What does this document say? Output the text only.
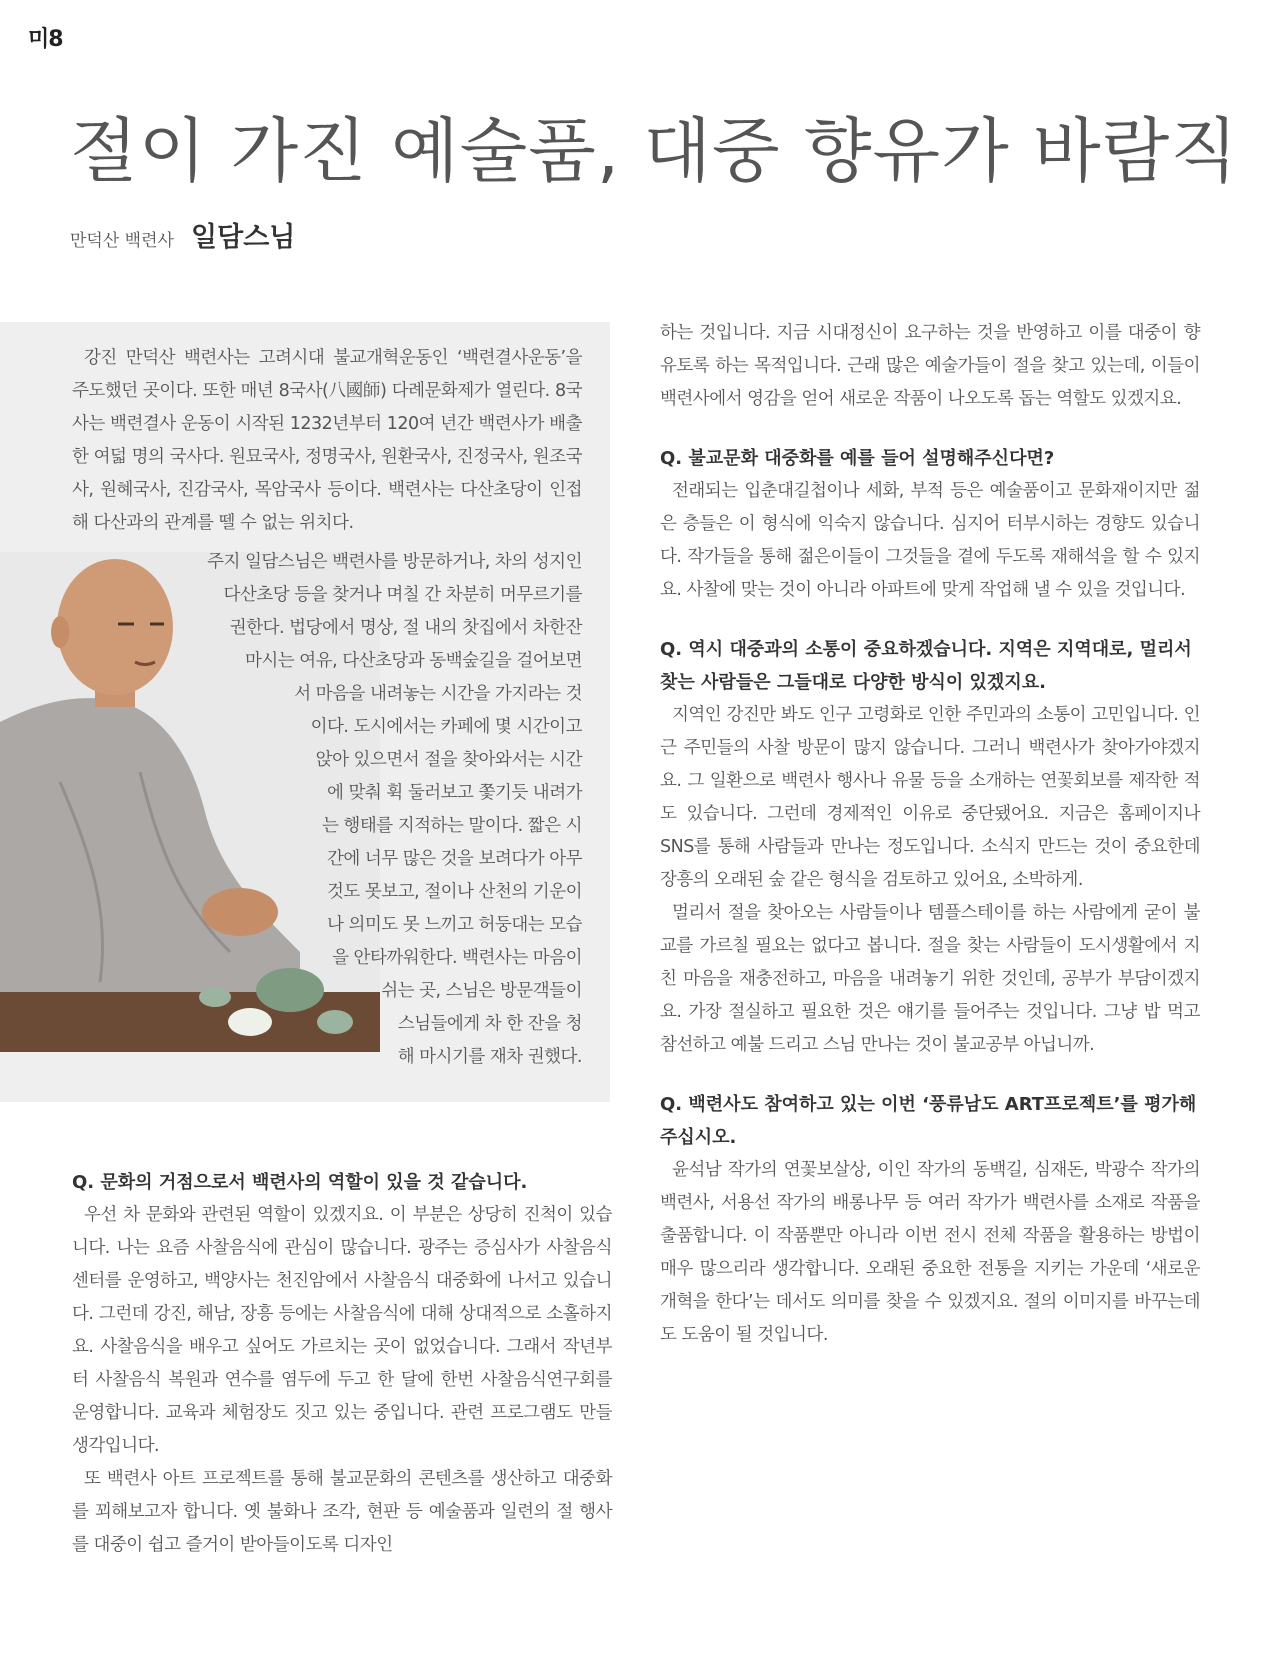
미8
절이 가진 예술품, 대중 향유가 바람직
만덕산 백련사 일담스님

강진 만덕산 백련사는 고려시대 불교개혁운동인 ‘백련결사운동’을 주도했던 곳이다. 또한 매년 8국사(八國師) 다례문화제가 열린다. 8국사는 백련결사 운동이 시작된 1232년부터 120여 년간 백련사가 배출한 여덟 명의 국사다. 원묘국사, 정명국사, 원환국사, 진정국사, 원조국사, 원혜국사, 진감국사, 목암국사 등이다. 백련사는 다산초당이 인접해 다산과의 관계를 뗄 수 없는 위치다.

주지 일담스님은 백련사를 방문하거나, 차의 성지인
다산초당 등을 찾거나 며칠 간 차분히 머무르기를
권한다. 법당에서 명상, 절 내의 찻집에서 차한잔
마시는 여유, 다산초당과 동백숲길을 걸어보면
서 마음을 내려놓는 시간을 가지라는 것
이다. 도시에서는 카페에 몇 시간이고
앉아 있으면서 절을 찾아와서는 시간
에 맞춰 휙 둘러보고 쫓기듯 내려가
는 행태를 지적하는 말이다. 짧은 시
간에 너무 많은 것을 보려다가 아무
것도 못보고, 절이나 산천의 기운이
나 의미도 못 느끼고 허둥대는 모습
을 안타까워한다. 백련사는 마음이
쉬는 곳, 스님은 방문객들이
스님들에게 차 한 잔을 청
해 마시기를 재차 권했다.

Q. 문화의 거점으로서 백련사의 역할이 있을 것 같습니다.

우선 차 문화와 관련된 역할이 있겠지요. 이 부분은 상당히 진척이 있습니다. 나는 요즘 사찰음식에 관심이 많습니다. 광주는 증심사가 사찰음식센터를 운영하고, 백양사는 천진암에서 사찰음식 대중화에 나서고 있습니다. 그런데 강진, 해남, 장흥 등에는 사찰음식에 대해 상대적으로 소홀하지요. 사찰음식을 배우고 싶어도 가르치는 곳이 없었습니다. 그래서 작년부터 사찰음식 복원과 연수를 염두에 두고 한 달에 한번 사찰음식연구회를 운영합니다. 교육과 체험장도 짓고 있는 중입니다. 관련 프로그램도 만들 생각입니다.

또 백련사 아트 프로젝트를 통해 불교문화의 콘텐츠를 생산하고 대중화를 꾀해보고자 합니다. 옛 불화나 조각, 현판 등 예술품과 일련의 절 행사를 대중이 쉽고 즐거이 받아들이도록 디자인

하는 것입니다. 지금 시대정신이 요구하는 것을 반영하고 이를 대중이 향유토록 하는 목적입니다. 근래 많은 예술가들이 절을 찾고 있는데, 이들이 백련사에서 영감을 얻어 새로운 작품이 나오도록 돕는 역할도 있겠지요.

Q. 불교문화 대중화를 예를 들어 설명해주신다면?

전래되는 입춘대길첩이나 세화, 부적 등은 예술품이고 문화재이지만 젊은 층들은 이 형식에 익숙지 않습니다. 심지어 터부시하는 경향도 있습니다. 작가들을 통해 젊은이들이 그것들을 곁에 두도록 재해석을 할 수 있지요. 사찰에 맞는 것이 아니라 아파트에 맞게 작업해 낼 수 있을 것입니다.

Q. 역시 대중과의 소통이 중요하겠습니다. 지역은 지역대로, 멀리서 찾는 사람들은 그들대로 다양한 방식이 있겠지요.

지역인 강진만 봐도 인구 고령화로 인한 주민과의 소통이 고민입니다. 인근 주민들의 사찰 방문이 많지 않습니다. 그러니 백련사가 찾아가야겠지요. 그 일환으로 백련사 행사나 유물 등을 소개하는 연꽃회보를 제작한 적도 있습니다. 그런데 경제적인 이유로 중단됐어요. 지금은 홈페이지나 SNS를 통해 사람들과 만나는 정도입니다. 소식지 만드는 것이 중요한데 장흥의 오래된 숲 같은 형식을 검토하고 있어요, 소박하게.

멀리서 절을 찾아오는 사람들이나 템플스테이를 하는 사람에게 굳이 불교를 가르칠 필요는 없다고 봅니다. 절을 찾는 사람들이 도시생활에서 지친 마음을 재충전하고, 마음을 내려놓기 위한 것인데, 공부가 부담이겠지요. 가장 절실하고 필요한 것은 얘기를 들어주는 것입니다. 그냥 밥 먹고 참선하고 예불 드리고 스님 만나는 것이 불교공부 아닙니까.

Q. 백련사도 참여하고 있는 이번 ‘풍류남도 ART프로젝트’를 평가해 주십시오.

윤석남 작가의 연꽃보살상, 이인 작가의 동백길, 심재돈, 박광수 작가의 백련사, 서용선 작가의 배롱나무 등 여러 작가가 백련사를 소재로 작품을 출품합니다. 이 작품뿐만 아니라 이번 전시 전체 작품을 활용하는 방법이 매우 많으리라 생각합니다. 오래된 중요한 전통을 지키는 가운데 ‘새로운 개혁을 한다’는 데서도 의미를 찾을 수 있겠지요. 절의 이미지를 바꾸는데도 도움이 될 것입니다.
